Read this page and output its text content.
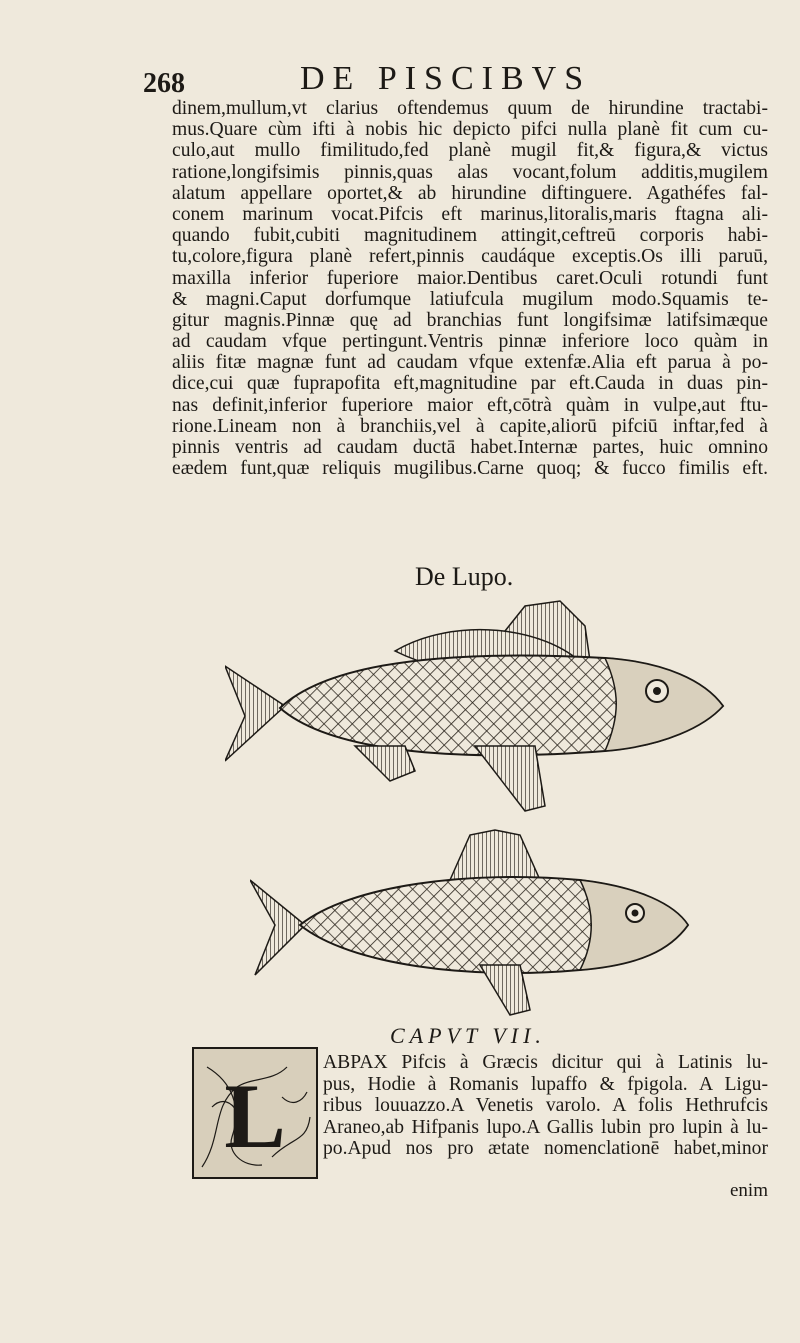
268	DE PISCIBVS
dinem,mullum,vt clarius oftendemus quum de hirundine tractabi-
mus.Quare cùm ifti à nobis hic depicto pifci nulla planè fit cum cu-
culo,aut mullo fimilitudo,fed planè mugil fit,& figura,& victus
ratione,longifsimis pinnis,quas alas vocant,folum additis,mugilem
alatum appellare oportet,& ab hirundine diftinguere. Agathéfes fal-
conem marinum vocat.Pifcis eft marinus,litoralis,maris ftagna ali-
quando fubit,cubiti magnitudinem attingit,ceftreū corporis habi-
tu,colore,figura planè refert,pinnis caudáque exceptis.Os illi paruū,
maxilla inferior fuperiore maior.Dentibus caret.Oculi rotundi funt
& magni.Caput dorfumque latiufcula mugilum modo.Squamis te-
gitur magnis.Pinnæ quę ad branchias funt longifsimæ latifsimæque
ad caudam vfque pertingunt.Ventris pinnæ inferiore loco quàm in
aliis fitæ magnæ funt ad caudam vfque extenfæ.Alia eft parua à po-
dice,cui quæ fuprapofita eft,magnitudine par eft.Cauda in duas pin-
nas definit,inferior fuperiore maior eft,cōtrà quàm in vulpe,aut ftu-
rione.Lineam non à branchiis,vel à capite,aliorū pifciū inftar,fed à
pinnis ventris ad caudam ductā habet.Internæ partes, huic omnino
eædem funt,quæ reliquis mugilibus.Carne quoq; & fucco fimilis eft.
De Lupo.

CAPVT VII.
L
ABPAX Pifcis à Græcis dicitur qui à Latinis lu-
pus, Hodie à Romanis lupaffo & fpigola. A Ligu-
ribus louuazzo.A Venetis varolo. A folis Hethrufcis
Araneo,ab Hifpanis lupo.A Gallis lubin pro lupin à lu-
po.Apud nos pro ætate nomenclationē habet,minor
enim
